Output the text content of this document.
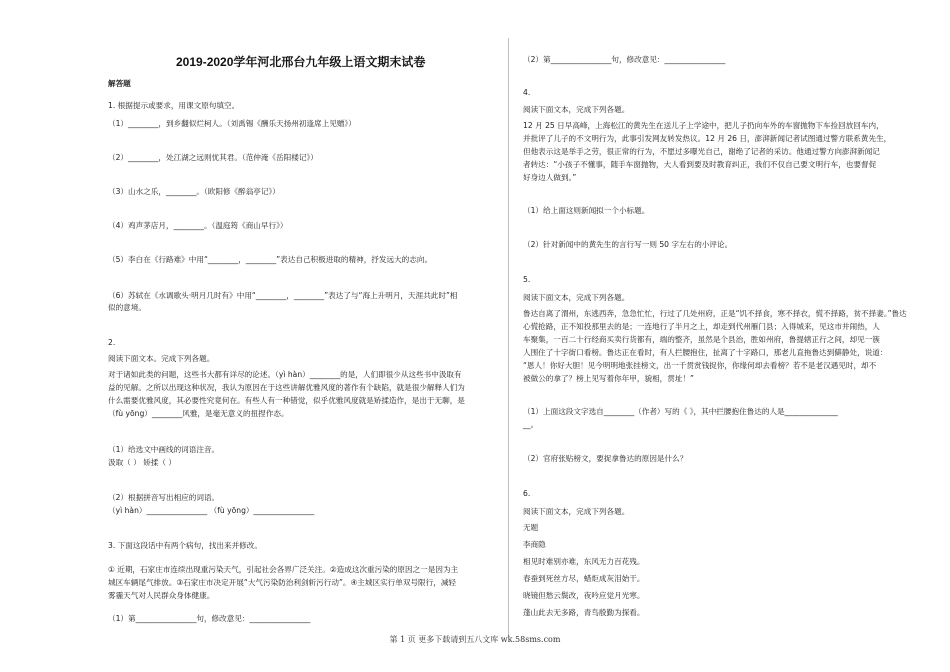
2019-2020学年河北邢台九年级上语文期末试卷
解答题
1. 根据提示或要求，用课文原句填空。
（1）________，到乡翻似烂柯人。（刘禹锡《酬乐天扬州初逢席上见赠》）
（2）________，处江湖之远则忧其君。（范仲淹《岳阳楼记》）
（3）山水之乐，________。（欧阳修《醉翁亭记》）
（4）鸡声茅店月，________。（温庭筠《商山早行》）
（5）李白在《行路难》中用“________，________”表达自己积极进取的精神，抒发远大的志向。
（6）苏轼在《水调歌头·明月几时有》中用“________，________”表达了与“海上升明月，天涯共此时”相
似的意境。
2.
阅读下面文本。完成下列各题。
对于诸如此类的问题，这些书大都有详尽的论述。（yì hàn）________的是，人们即很少从这些书中汲取有
益的见解。之所以出现这种状况，我认为原因在于这些讲解优雅风度的著作有个缺陷，就是很少解释人们为
什么需要优雅风度，其必要性究竟何在。有些人有一种错觉，似乎优雅风度就是矫揉造作，是出于无聊，是
（fù yōng）________风雅，是毫无意义的扭捏作态。
（1）给选文中画线的词语注音。
汲取（ ） 矫揉（ ）
（2）根据拼音写出相应的词语。
（yì hàn）________________ （fù yōng）________________
3. 下面这段话中有两个病句，找出来并修改。
① 近期，石家庄市连续出现重污染天气，引起社会各界广泛关注。②造成这次重污染的原因之一是因为主
城区车辆尾气排放。③石家庄市决定开展“大气污染防治利剑斩污行动”。④主城区实行单双号限行，减轻
雾霾天气对人民群众身体健康。
（1）第________________句，修改意见：________________
（2）第________________句，修改意见：________________
4.
阅读下面文本，完成下列各题。
12 月 25 日早高峰，上海松江的黄先生在送儿子上学途中，把儿子扔向车外的车窗抛物下车捡回放回车内，
并批评了儿子的不文明行为，此事引发网友转发热议。12 月 26 日，澎湃新闻记者试图通过警方联系黄先生，
但他表示这是举手之劳，很正常的行为，不愿过多曝光自己，谢绝了记者的采访。他通过警方向澎湃新闻记
者转达：“小孩子不懂事，随手车窗抛物，大人看到要及时教育纠正，我们不仅自己要文明行车，也要督促
好身边人做到。”
（1）给上面这则新闻拟一个小标题。
（2）针对新闻中的黄先生的言行写一则 50 字左右的小评论。
5.
阅读下面文本，完成下列各题。
鲁达自离了渭州，东逃西奔，急急忙忙，行过了几处州府，正是“饥不择食，寒不择衣，慌不择路，贫不择妻。”鲁达
心慌抢路，正不知投那里去的是；一连地行了半月之上，却走到代州雁门县；入得城来，见这市井闹热，人
车聚集，一百二十行经商买卖行货都有，端的整齐，虽然是个县治，胜如州府，鲁提辖正行之间，却见一簇
人围住了十字街口看榜。鲁达正在看时，有人拦腰抱住，扯离了十字路口，那老儿直拖鲁达到僻静处，说道：
“恩人！你好大胆！见今明明地张挂榜文，出一千贯赏钱捉你，你缘何却去看榜？若不是老汉遇见时，却不
被做公的拿了？榜上见写着你年甲，貌相，贯址！”
（1）上面这段文字选自________（作者）写的《 》，其中拦腰抱住鲁达的人是______________
__。
（2）官府张贴榜文，要捉拿鲁达的原因是什么？
6.
阅读下面文本，完成下列各题。
无题
李商隐
相见时难别亦难，东风无力百花残。
春蚕到死丝方尽，蜡炬成灰泪始干。
晓镜但愁云鬓改，夜吟应觉月光寒。
蓬山此去无多路，青鸟殷勤为探看。
第 1 页 更多下载请到五八文库 wk.58sms.com
